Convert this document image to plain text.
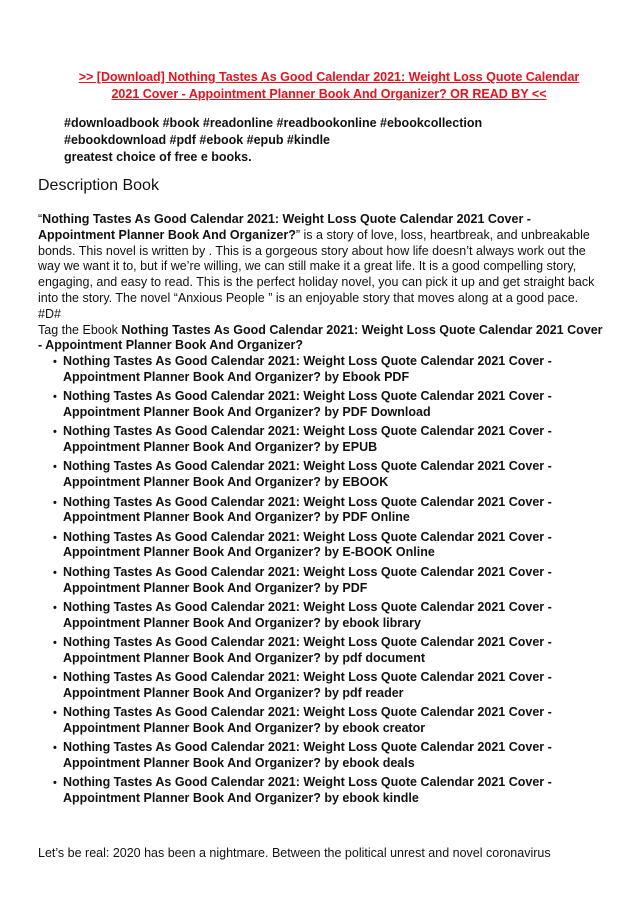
>> [Download] Nothing Tastes As Good Calendar 2021: Weight Loss Quote Calendar
2021 Cover - Appointment Planner Book And Organizer? OR READ BY <<
#downloadbook #book #readonline #readbookonline #ebookcollection
#ebookdownload #pdf #ebook #epub #kindle
greatest choice of free e books.
Description Book

“Nothing Tastes As Good Calendar 2021: Weight Loss Quote Calendar 2021 Cover - Appointment Planner Book And Organizer?” is a story of love, loss, heartbreak, and unbreakable bonds. This novel is written by . This is a gorgeous story about how life doesn’t always work out the way we want it to, but if we’re willing, we can still make it a great life. It is a good compelling story, engaging, and easy to read. This is the perfect holiday novel, you can pick it up and get straight back into the story. The novel “Anxious People ” is an enjoyable story that moves along at a good pace.

#D#

Tag the Ebook Nothing Tastes As Good Calendar 2021: Weight Loss Quote Calendar 2021 Cover - Appointment Planner Book And Organizer?

• Nothing Tastes As Good Calendar 2021: Weight Loss Quote Calendar 2021 Cover - Appointment Planner Book And Organizer? by Ebook PDF
• Nothing Tastes As Good Calendar 2021: Weight Loss Quote Calendar 2021 Cover - Appointment Planner Book And Organizer? by PDF Download
• Nothing Tastes As Good Calendar 2021: Weight Loss Quote Calendar 2021 Cover - Appointment Planner Book And Organizer? by EPUB
• Nothing Tastes As Good Calendar 2021: Weight Loss Quote Calendar 2021 Cover - Appointment Planner Book And Organizer? by EBOOK
• Nothing Tastes As Good Calendar 2021: Weight Loss Quote Calendar 2021 Cover - Appointment Planner Book And Organizer? by PDF Online
• Nothing Tastes As Good Calendar 2021: Weight Loss Quote Calendar 2021 Cover - Appointment Planner Book And Organizer? by E-BOOK Online
• Nothing Tastes As Good Calendar 2021: Weight Loss Quote Calendar 2021 Cover - Appointment Planner Book And Organizer? by PDF
• Nothing Tastes As Good Calendar 2021: Weight Loss Quote Calendar 2021 Cover - Appointment Planner Book And Organizer? by ebook library
• Nothing Tastes As Good Calendar 2021: Weight Loss Quote Calendar 2021 Cover - Appointment Planner Book And Organizer? by pdf document
• Nothing Tastes As Good Calendar 2021: Weight Loss Quote Calendar 2021 Cover - Appointment Planner Book And Organizer? by pdf reader
• Nothing Tastes As Good Calendar 2021: Weight Loss Quote Calendar 2021 Cover - Appointment Planner Book And Organizer? by ebook creator
• Nothing Tastes As Good Calendar 2021: Weight Loss Quote Calendar 2021 Cover - Appointment Planner Book And Organizer? by ebook deals
• Nothing Tastes As Good Calendar 2021: Weight Loss Quote Calendar 2021 Cover - Appointment Planner Book And Organizer? by ebook kindle
Let’s be real: 2020 has been a nightmare. Between the political unrest and novel coronavirus
